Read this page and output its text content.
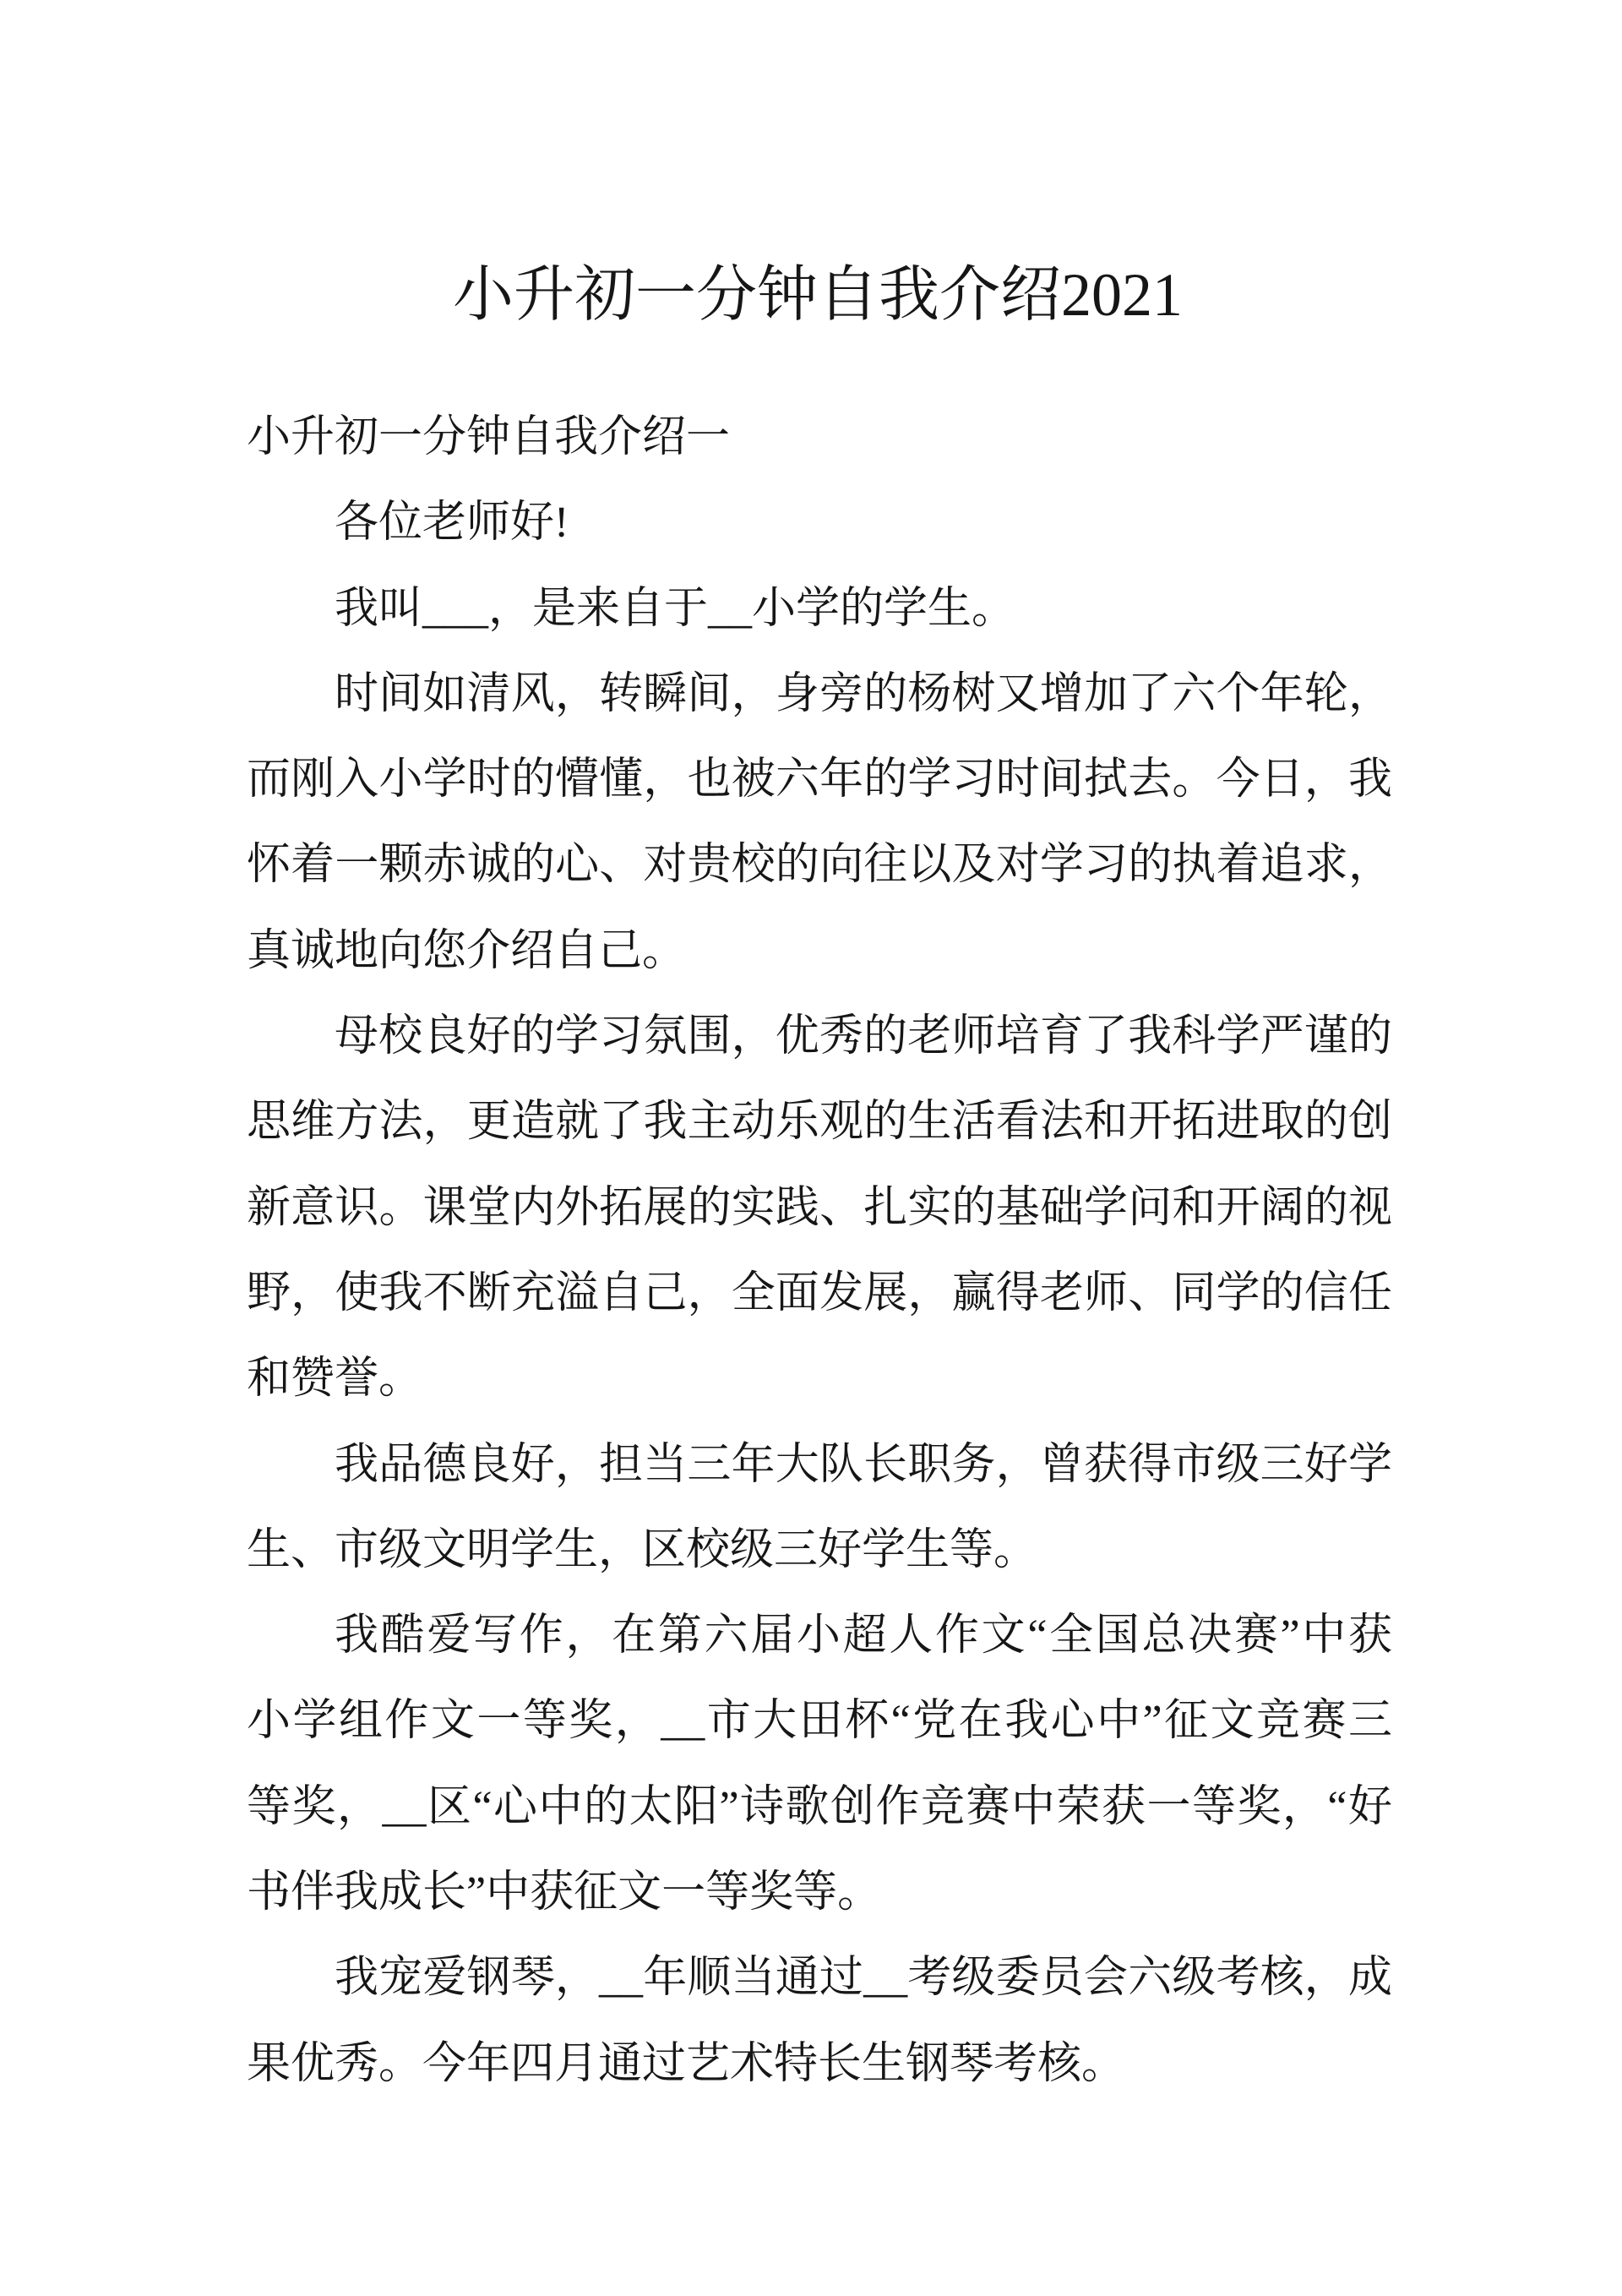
小升初一分钟自我介绍2021
小升初一分钟自我介绍一
各位老师好!
我叫___，是来自于__小学的学生。
时间如清风，转瞬间，身旁的杨树又增加了六个年轮，
而刚入小学时的懵懂，也被六年的学习时间拭去。今日，我
怀着一颗赤诚的心、对贵校的向往以及对学习的执着追求，
真诚地向您介绍自己。
母校良好的学习氛围，优秀的老师培育了我科学严谨的
思维方法，更造就了我主动乐观的生活看法和开拓进取的创
新意识。课堂内外拓展的实践、扎实的基础学问和开阔的视
野，使我不断充溢自己，全面发展，赢得老师、同学的信任
和赞誉。
我品德良好，担当三年大队长职务，曾获得市级三好学
生、市级文明学生，区校级三好学生等。
我酷爱写作，在第六届小超人作文“全国总决赛”中获
小学组作文一等奖，__市大田杯“党在我心中”征文竞赛三
等奖，__区“心中的太阳”诗歌创作竞赛中荣获一等奖，“好
书伴我成长”中获征文一等奖等。
我宠爱钢琴，__年顺当通过__考级委员会六级考核，成
果优秀。今年四月通过艺术特长生钢琴考核。
